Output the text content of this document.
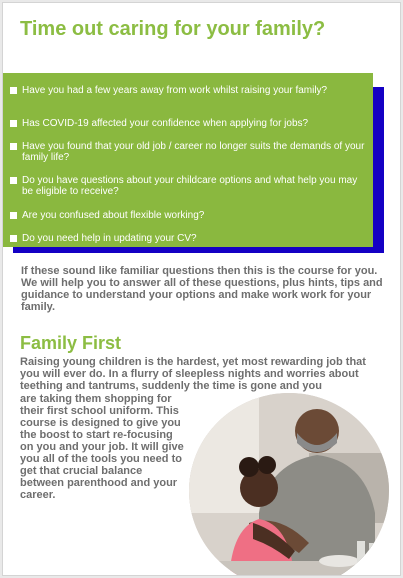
Time out caring for your family?
Have you had a few years away from work whilst raising your family?
Has COVID-19 affected your confidence when applying for jobs?
Have you found that your old job / career no longer suits the demands of your family life?
Do you have questions about your childcare options and what help you may be eligible to receive?
Are you confused about flexible working?
Do you need help in updating your CV?

If these sound like familiar questions then this is the course for you. We will help you to answer all of these questions, plus hints, tips and guidance to understand your options and make work work for your family.

Family First

Raising young children is the hardest, yet most rewarding job that you will ever do. In a flurry of sleepless nights and worries about teething and tantrums, suddenly the time is gone and you

are taking them shopping for their first school uniform. This course is designed to give you the boost to start re-focusing on you and your job. It will give you all of the tools you need to get that crucial balance between parenthood and your career.
